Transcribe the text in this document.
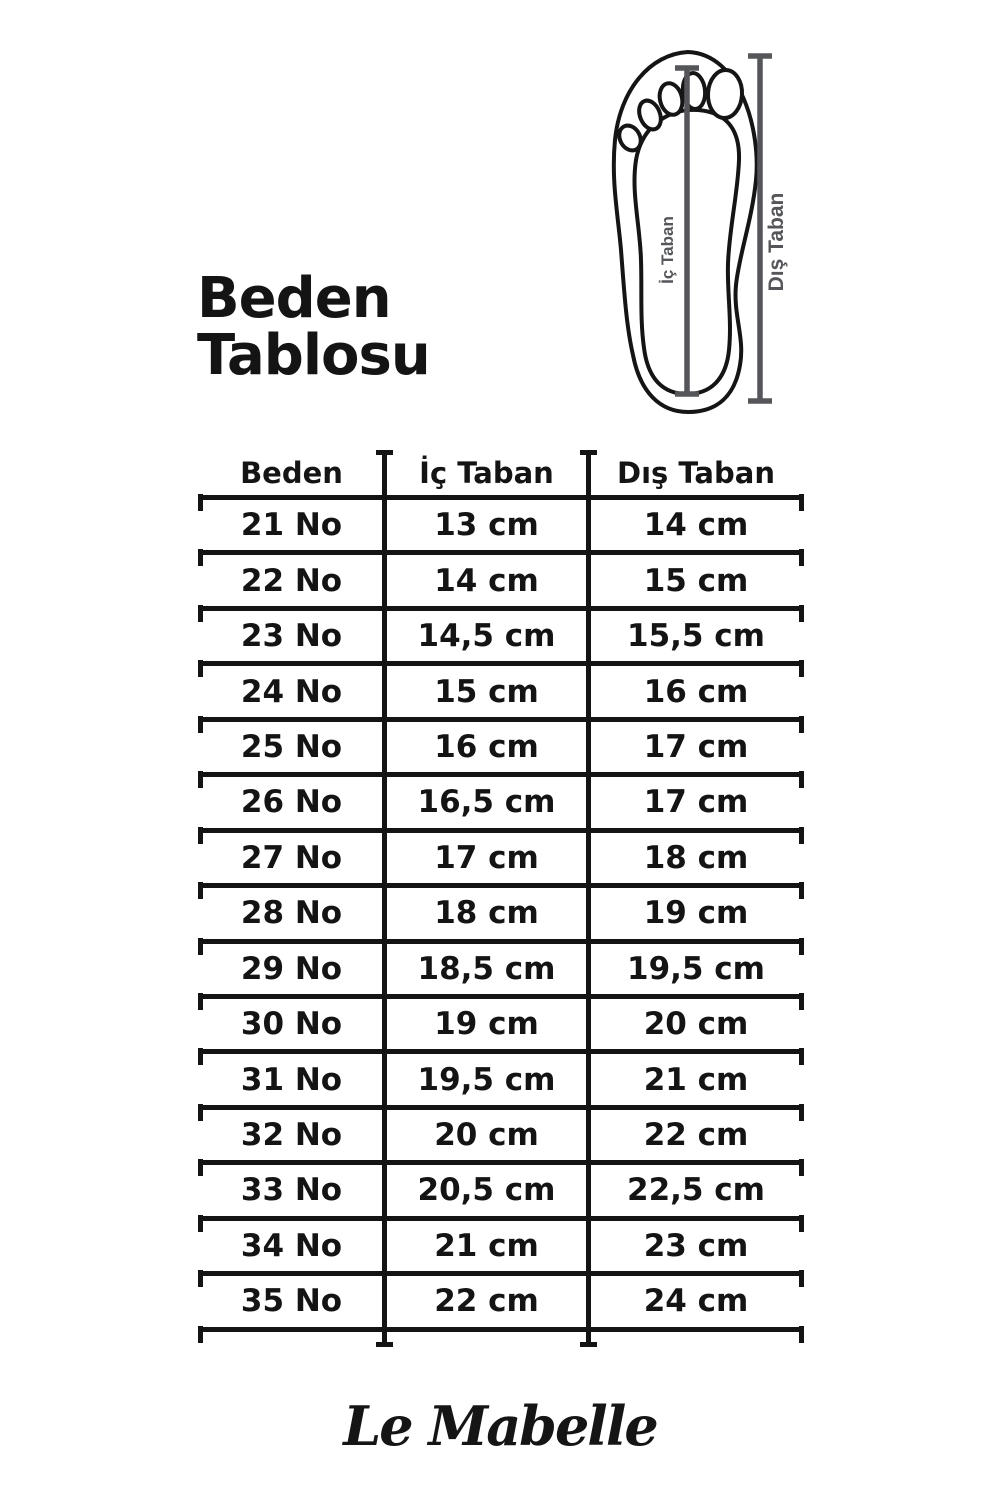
Beden
Tablosu
İç Taban	Dış Taban
Beden	İç Taban	Dış Taban
21 No	13 cm	14 cm
22 No	14 cm	15 cm
23 No	14,5 cm	15,5 cm
24 No	15 cm	16 cm
25 No	16 cm	17 cm
26 No	16,5 cm	17 cm
27 No	17 cm	18 cm
28 No	18 cm	19 cm
29 No	18,5 cm	19,5 cm
30 No	19 cm	20 cm
31 No	19,5 cm	21 cm
32 No	20 cm	22 cm
33 No	20,5 cm	22,5 cm
34 No	21 cm	23 cm
35 No	22 cm	24 cm
Le Mabelle
